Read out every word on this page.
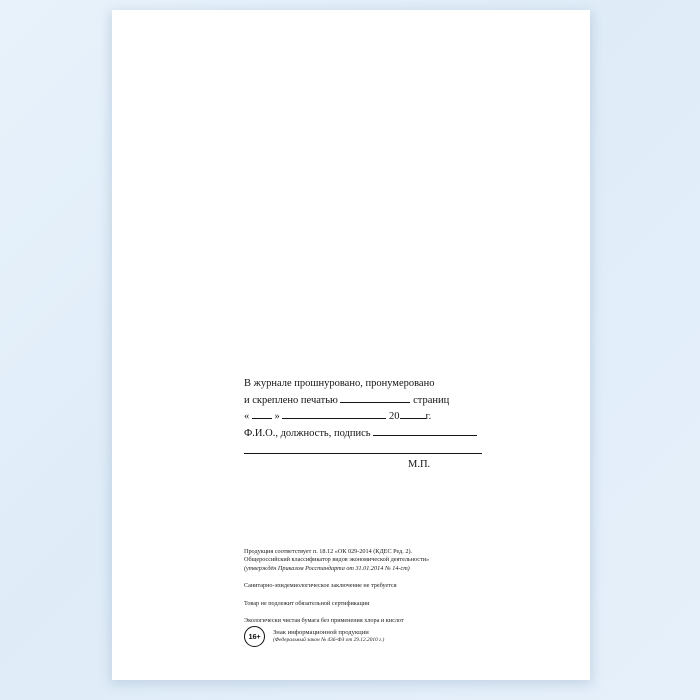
В журнале прошнуровано, пронумеровано
и скреплено печатью	страниц
« »	20 г.
Ф.И.О., должность, подпись
М.П.

Продукция соответствует п. 18.12 «ОК 029-2014 (КДЕС Ред. 2).

Общероссийский классификатор видов экономической деятельности»

(утверждён Приказом Росстандарта от 31.01.2014 № 14-ст)

Санитарно-эпидемиологическое заключение не требуется

Товар не подлежит обязательной сертификации

Экологически чистая бумага без применения хлора и кислот

16+	Знак информационной продукции
(Федеральный закон № 436-ФЗ от 29.12.2010 г.)
